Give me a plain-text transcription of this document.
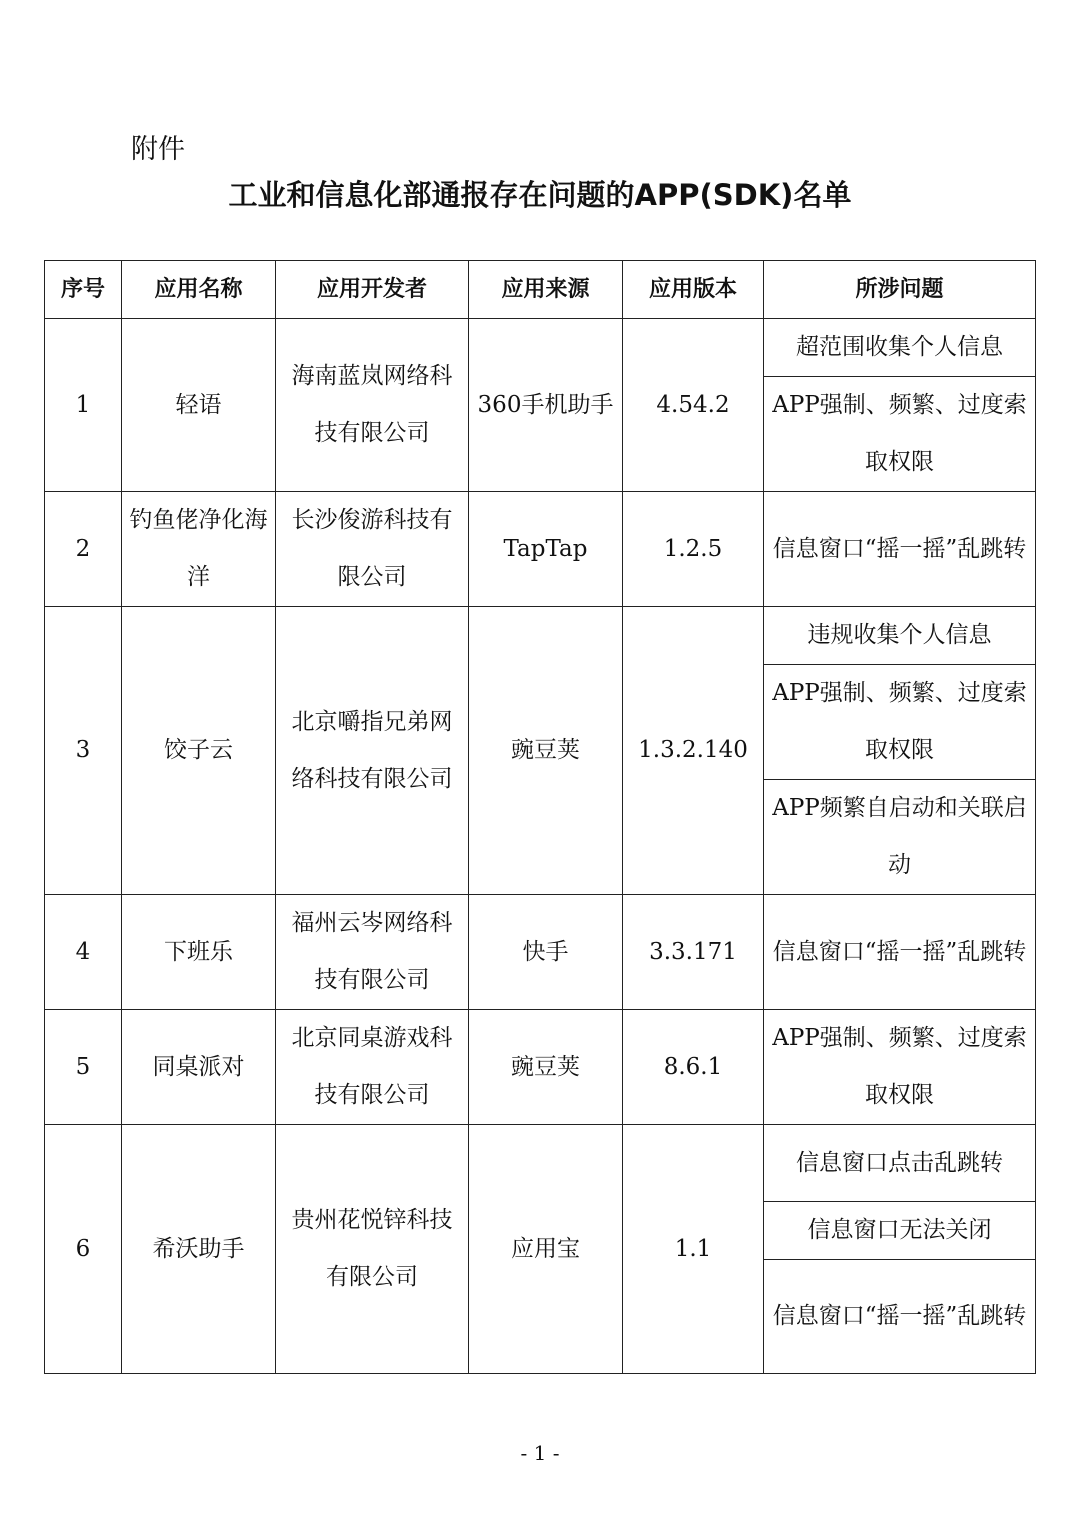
附件
工业和信息化部通报存在问题的APP(SDK)名单
序号	应用名称	应用开发者	应用来源	应用版本	所涉问题
1	轻语	海南蓝岚网络科技有限公司	360手机助手	4.54.2	超范围收集个人信息
					APP强制、频繁、过度索取权限
2	钓鱼佬净化海洋	长沙俊游科技有限公司	TapTap	1.2.5	信息窗口“摇一摇”乱跳转
3	饺子云	北京嚼指兄弟网络科技有限公司	豌豆荚	1.3.2.140	违规收集个人信息
					APP强制、频繁、过度索取权限
					APP频繁自启动和关联启动
4	下班乐	福州云岑网络科技有限公司	快手	3.3.171	信息窗口“摇一摇”乱跳转
5	同桌派对	北京同桌游戏科技有限公司	豌豆荚	8.6.1	APP强制、频繁、过度索取权限
6	希沃助手	贵州花悦锌科技有限公司	应用宝	1.1	信息窗口点击乱跳转
					信息窗口无法关闭
					信息窗口“摇一摇”乱跳转
- 1 -
